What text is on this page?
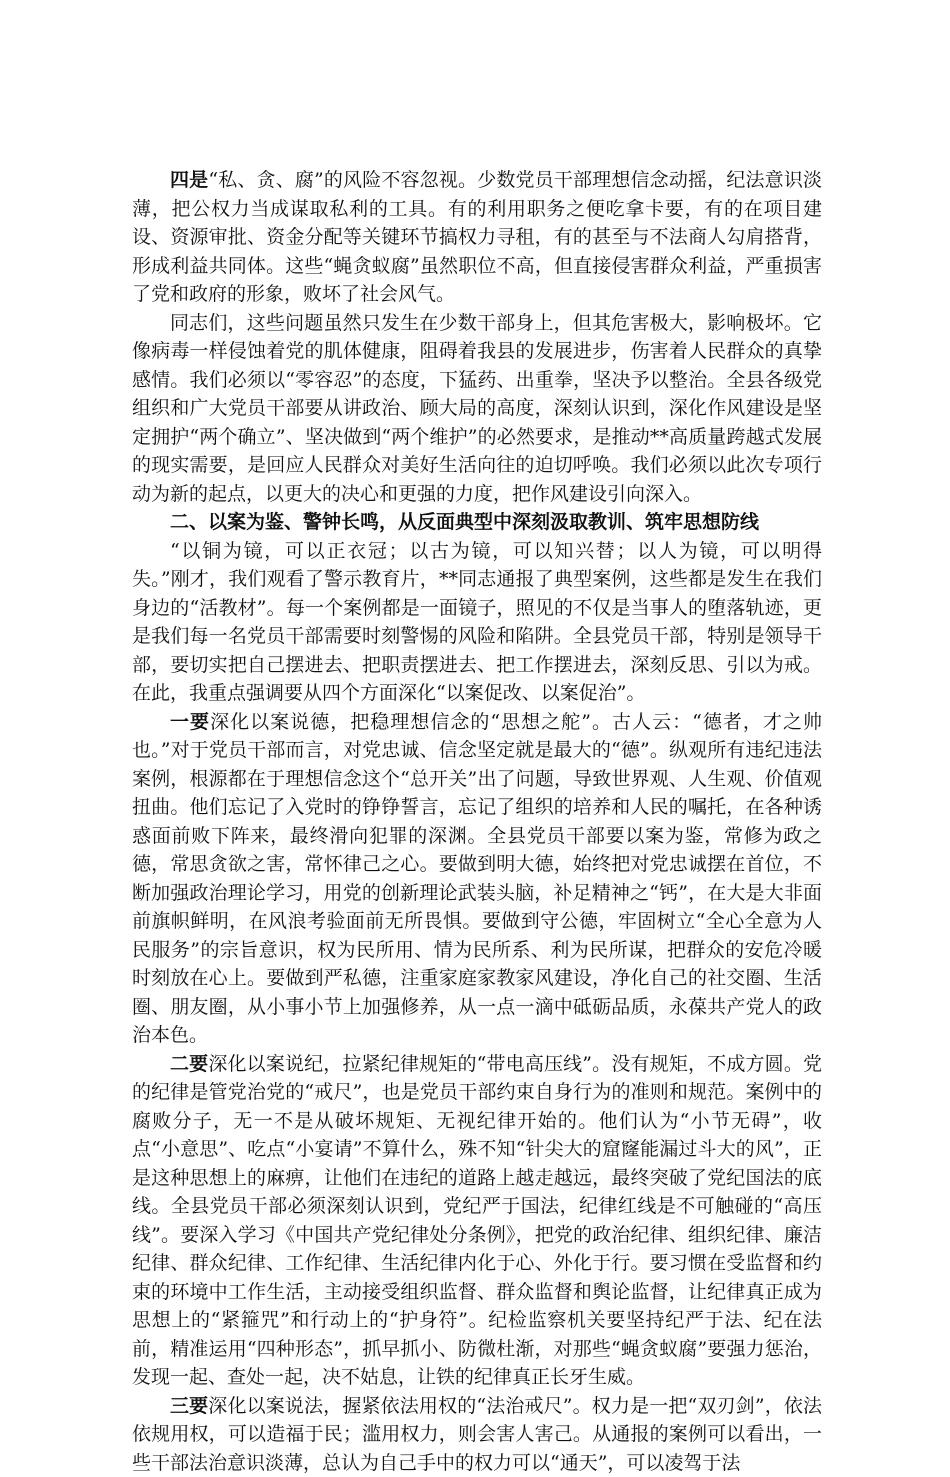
四是“私、贪、腐”的风险不容忽视。少数党员干部理想信念动摇，纪法意识淡薄，把公权力当成谋取私利的工具。有的利用职务之便吃拿卡要，有的在项目建设、资源审批、资金分配等关键环节搞权力寻租，有的甚至与不法商人勾肩搭背，形成利益共同体。这些“蝇贪蚁腐”虽然职位不高，但直接侵害群众利益，严重损害了党和政府的形象，败坏了社会风气。

同志们，这些问题虽然只发生在少数干部身上，但其危害极大，影响极坏。它像病毒一样侵蚀着党的肌体健康，阻碍着我县的发展进步，伤害着人民群众的真挚感情。我们必须以“零容忍”的态度，下猛药、出重拳，坚决予以整治。全县各级党组织和广大党员干部要从讲政治、顾大局的高度，深刻认识到，深化作风建设是坚定拥护“两个确立”、坚决做到“两个维护”的必然要求，是推动**高质量跨越式发展的现实需要，是回应人民群众对美好生活向往的迫切呼唤。我们必须以此次专项行动为新的起点，以更大的决心和更强的力度，把作风建设引向深入。

二、以案为鉴、警钟长鸣，从反面典型中深刻汲取教训、筑牢思想防线

“以铜为镜，可以正衣冠；以古为镜，可以知兴替；以人为镜，可以明得失。”刚才，我们观看了警示教育片，**同志通报了典型案例，这些都是发生在我们身边的“活教材”。每一个案例都是一面镜子，照见的不仅是当事人的堕落轨迹，更是我们每一名党员干部需要时刻警惕的风险和陷阱。全县党员干部，特别是领导干部，要切实把自己摆进去、把职责摆进去、把工作摆进去，深刻反思、引以为戒。在此，我重点强调要从四个方面深化“以案促改、以案促治”。

一要深化以案说德，把稳理想信念的“思想之舵”。古人云：“德者，才之帅也。”对于党员干部而言，对党忠诚、信念坚定就是最大的“德”。纵观所有违纪违法案例，根源都在于理想信念这个“总开关”出了问题，导致世界观、人生观、价值观扭曲。他们忘记了入党时的铮铮誓言，忘记了组织的培养和人民的嘱托，在各种诱惑面前败下阵来，最终滑向犯罪的深渊。全县党员干部要以案为鉴，常修为政之德，常思贪欲之害，常怀律己之心。要做到明大德，始终把对党忠诚摆在首位，不断加强政治理论学习，用党的创新理论武装头脑，补足精神之“钙”，在大是大非面前旗帜鲜明，在风浪考验面前无所畏惧。要做到守公德，牢固树立“全心全意为人民服务”的宗旨意识，权为民所用、情为民所系、利为民所谋，把群众的安危冷暖时刻放在心上。要做到严私德，注重家庭家教家风建设，净化自己的社交圈、生活圈、朋友圈，从小事小节上加强修养，从一点一滴中砥砺品质，永葆共产党人的政治本色。

二要深化以案说纪，拉紧纪律规矩的“带电高压线”。没有规矩，不成方圆。党的纪律是管党治党的“戒尺”，也是党员干部约束自身行为的准则和规范。案例中的腐败分子，无一不是从破坏规矩、无视纪律开始的。他们认为“小节无碍”，收点“小意思”、吃点“小宴请”不算什么，殊不知“针尖大的窟窿能漏过斗大的风”，正是这种思想上的麻痹，让他们在违纪的道路上越走越远，最终突破了党纪国法的底线。全县党员干部必须深刻认识到，党纪严于国法，纪律红线是不可触碰的“高压线”。要深入学习《中国共产党纪律处分条例》，把党的政治纪律、组织纪律、廉洁纪律、群众纪律、工作纪律、生活纪律内化于心、外化于行。要习惯在受监督和约束的环境中工作生活，主动接受组织监督、群众监督和舆论监督，让纪律真正成为思想上的“紧箍咒”和行动上的“护身符”。纪检监察机关要坚持纪严于法、纪在法前，精准运用“四种形态”，抓早抓小、防微杜渐，对那些“蝇贪蚁腐”要强力惩治，发现一起、查处一起，决不姑息，让铁的纪律真正长牙生威。

三要深化以案说法，握紧依法用权的“法治戒尺”。权力是一把“双刃剑”，依法依规用权，可以造福于民；滥用权力，则会害人害己。从通报的案例可以看出，一些干部法治意识淡薄，总认为自己手中的权力可以“通天”，可以凌驾于法
